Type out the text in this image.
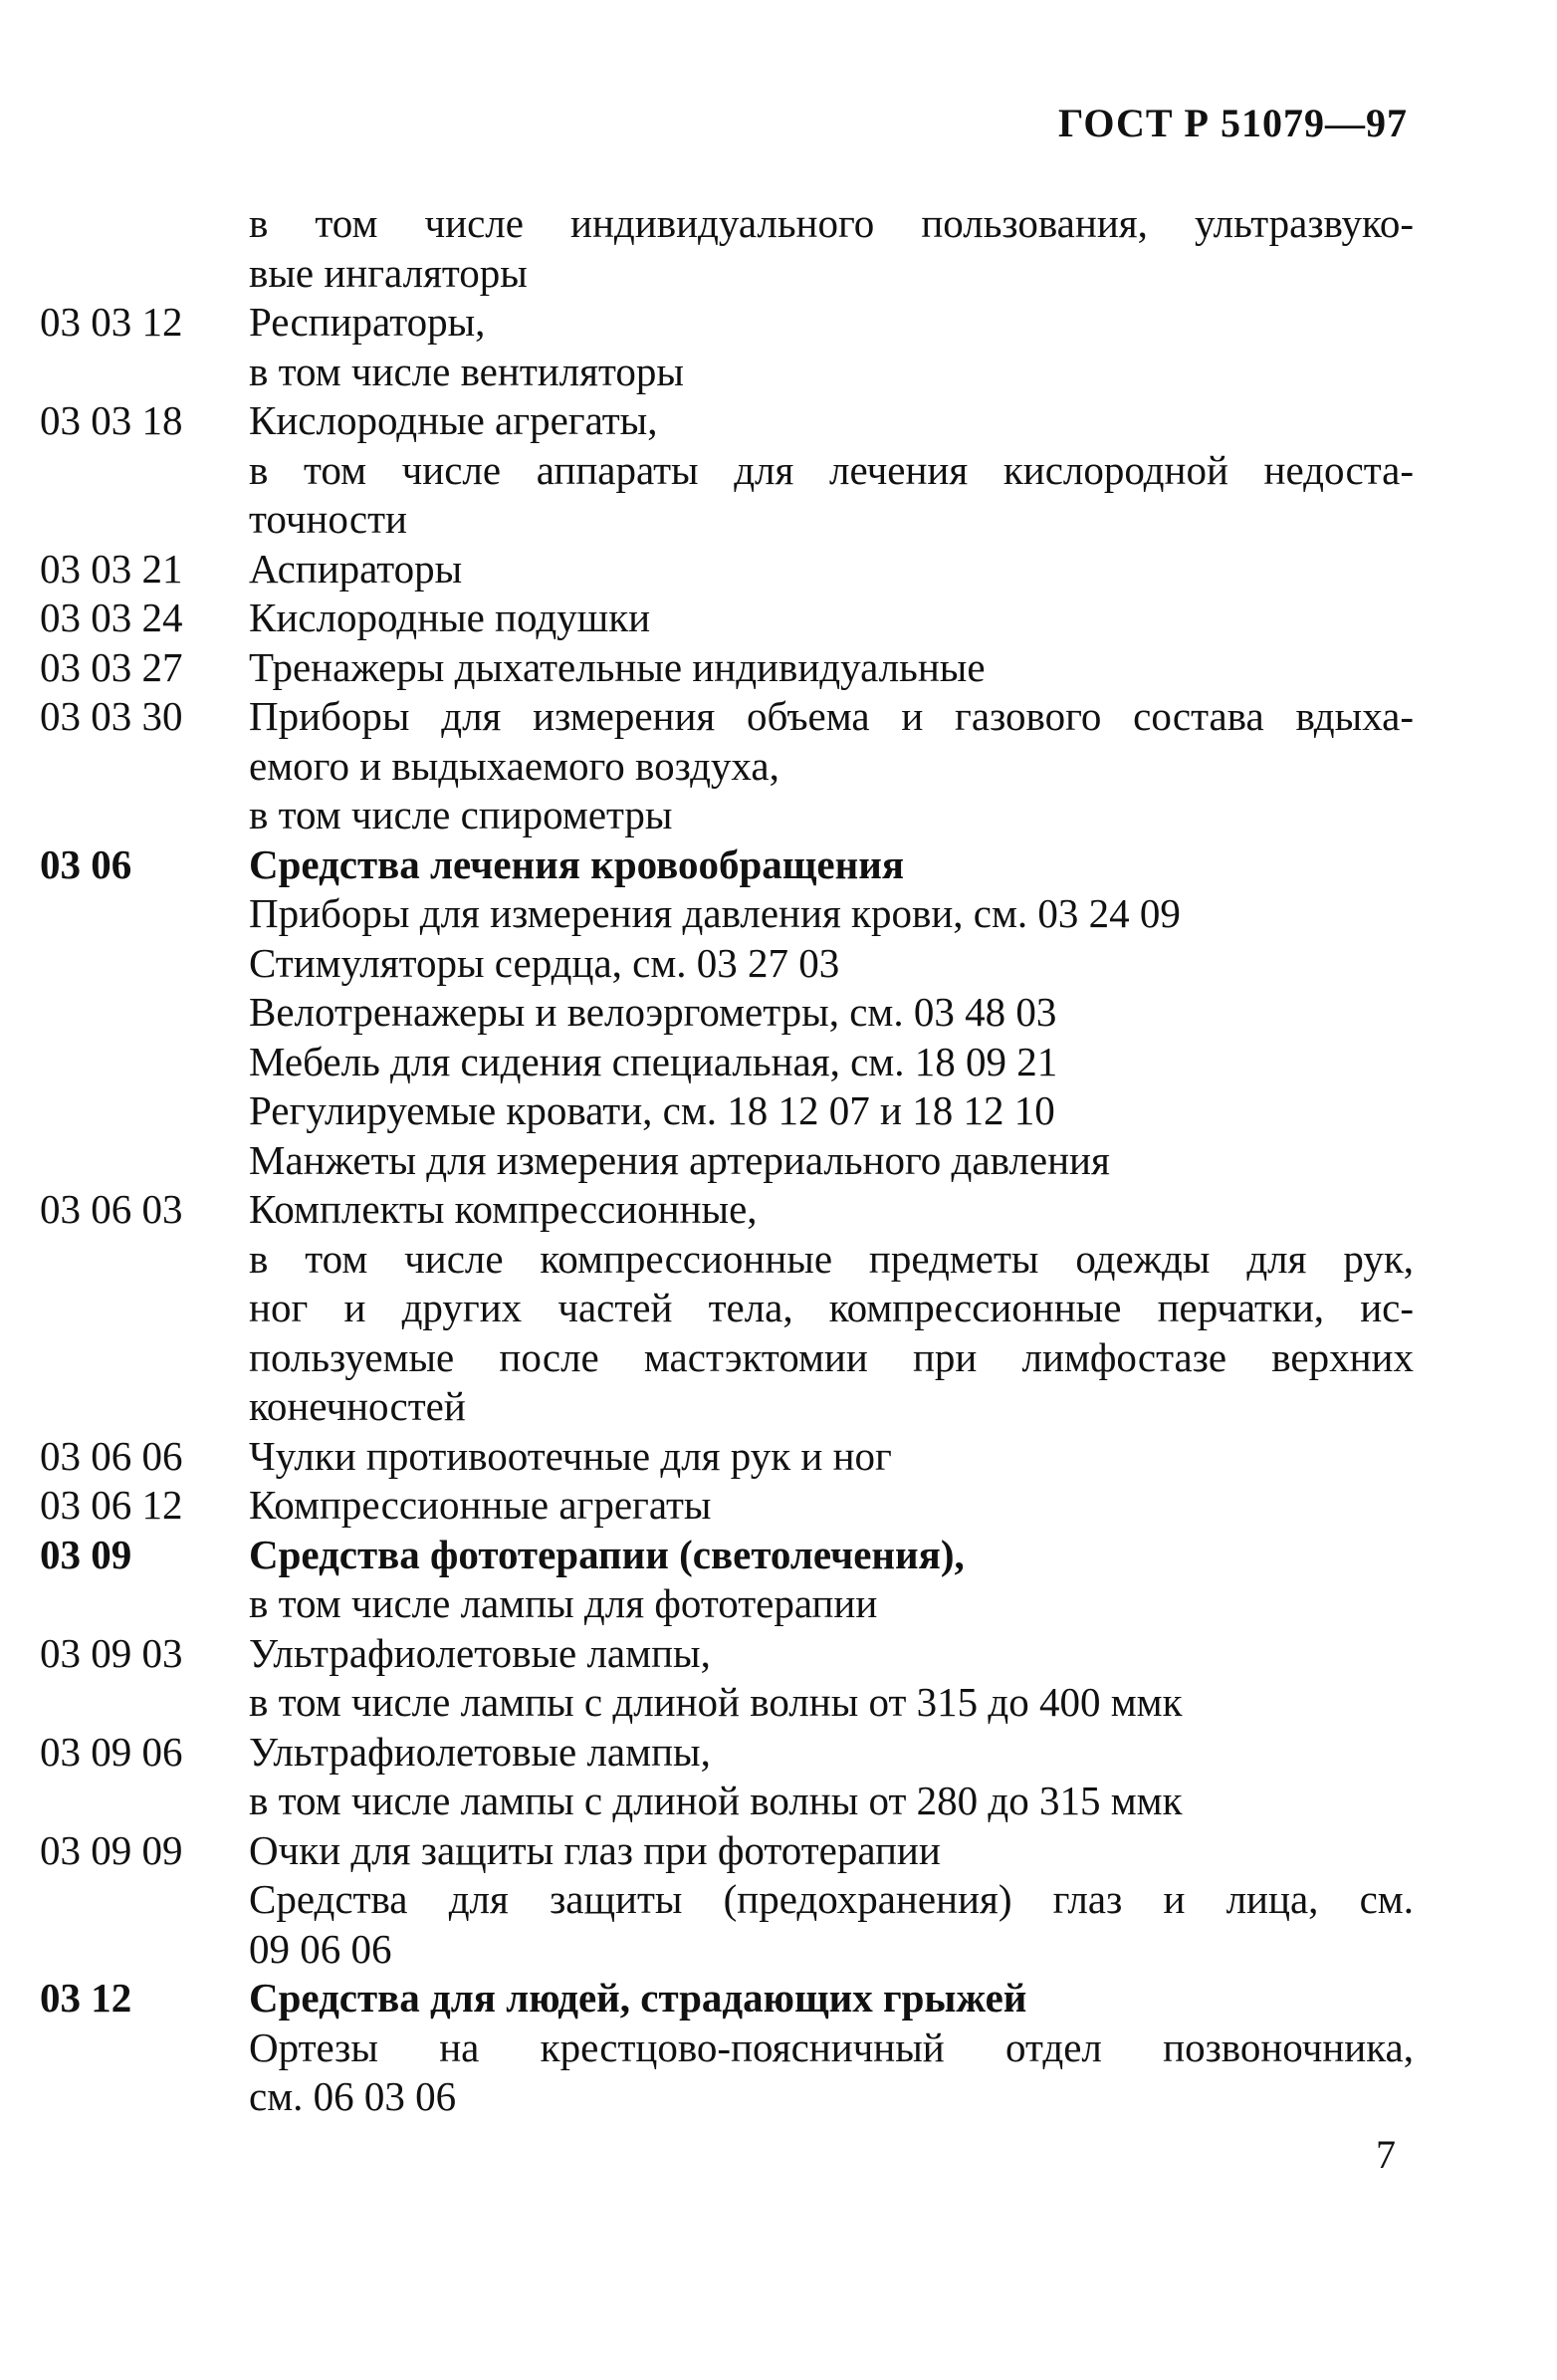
ГОСТ Р 51079—97
в том числе индивидуального пользования, ультразвуко-
вые ингаляторы
03 03 12	Респираторы,
в том числе вентиляторы
03 03 18	Кислородные агрегаты,
в том числе аппараты для лечения кислородной недоста-
точности
03 03 21	Аспираторы
03 03 24	Кислородные подушки
03 03 27	Тренажеры дыхательные индивидуальные
03 03 30	Приборы для измерения объема и газового состава вдыха-
емого и выдыхаемого воздуха,
в том числе спирометры
03 06	Средства лечения кровообращения
Приборы для измерения давления крови, см. 03 24 09
Стимуляторы сердца, см. 03 27 03
Велотренажеры и велоэргометры, см. 03 48 03
Мебель для сидения специальная, см. 18 09 21
Регулируемые кровати, см. 18 12 07 и 18 12 10
Манжеты для измерения артериального давления
03 06 03	Комплекты компрессионные,
в том числе компрессионные предметы одежды для рук,
ног и других частей тела, компрессионные перчатки, ис-
пользуемые после мастэктомии при лимфостазе верхних
конечностей
03 06 06	Чулки противоотечные для рук и ног
03 06 12	Компрессионные агрегаты
03 09	Средства фототерапии (светолечения),
в том числе лампы для фототерапии
03 09 03	Ультрафиолетовые лампы,
в том числе лампы с длиной волны от 315 до 400 ммк
03 09 06	Ультрафиолетовые лампы,
в том числе лампы с длиной волны от 280 до 315 ммк
03 09 09	Очки для защиты глаз при фототерапии
Средства для защиты (предохранения) глаз и лица, см.
09 06 06
03 12	Средства для людей, страдающих грыжей
Ортезы на крестцово-поясничный отдел позвоночника,
см. 06 03 06
7
